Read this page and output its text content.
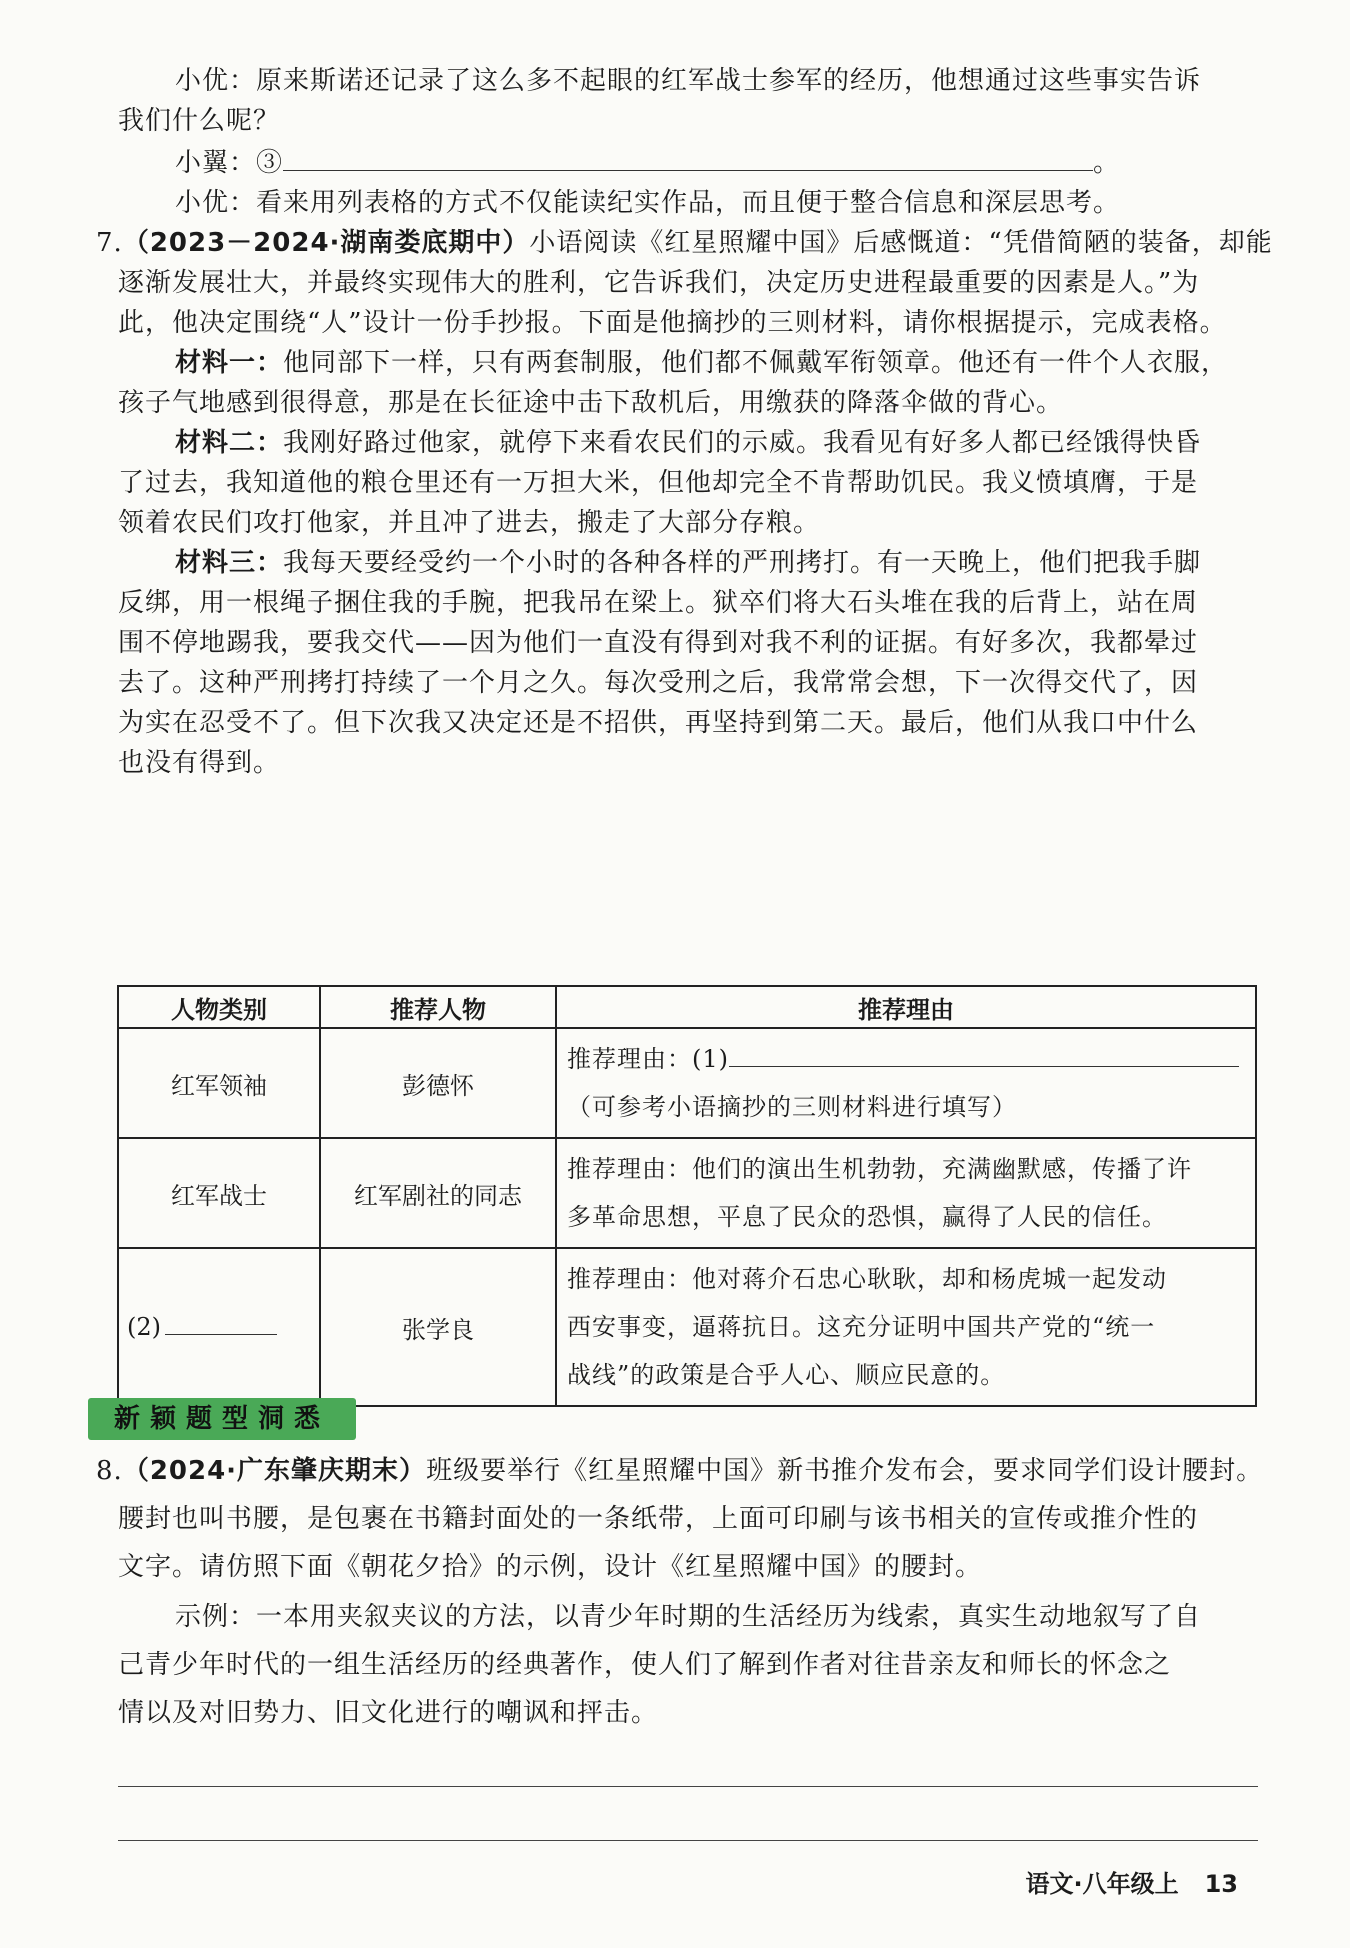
小优：原来斯诺还记录了这么多不起眼的红军战士参军的经历，他想通过这些事实告诉
我们什么呢？
小翼：③	。
小优：看来用列表格的方式不仅能读纪实作品，而且便于整合信息和深层思考。
7.（2023－2024·湖南娄底期中）小语阅读《红星照耀中国》后感慨道：“凭借简陋的装备，却能
逐渐发展壮大，并最终实现伟大的胜利，它告诉我们，决定历史进程最重要的因素是人。”为
此，他决定围绕“人”设计一份手抄报。下面是他摘抄的三则材料，请你根据提示，完成表格。
材料一：他同部下一样，只有两套制服，他们都不佩戴军衔领章。他还有一件个人衣服，
孩子气地感到很得意，那是在长征途中击下敌机后，用缴获的降落伞做的背心。
材料二：我刚好路过他家，就停下来看农民们的示威。我看见有好多人都已经饿得快昏
了过去，我知道他的粮仓里还有一万担大米，但他却完全不肯帮助饥民。我义愤填膺，于是
领着农民们攻打他家，并且冲了进去，搬走了大部分存粮。
材料三：我每天要经受约一个小时的各种各样的严刑拷打。有一天晚上，他们把我手脚
反绑，用一根绳子捆住我的手腕，把我吊在梁上。狱卒们将大石头堆在我的后背上，站在周
围不停地踢我，要我交代——因为他们一直没有得到对我不利的证据。有好多次，我都晕过
去了。这种严刑拷打持续了一个月之久。每次受刑之后，我常常会想，下一次得交代了，因
为实在忍受不了。但下次我又决定还是不招供，再坚持到第二天。最后，他们从我口中什么
也没有得到。
人物类别	推荐人物	推荐理由
红军领袖	彭德怀	推荐理由：(1)
（可参考小语摘抄的三则材料进行填写）

红军战士	红军剧社的同志	推荐理由：他们的演出生机勃勃，充满幽默感，传播了许
多革命思想，平息了民众的恐惧，赢得了人民的信任。

(2)	张学良	推荐理由：他对蒋介石忠心耿耿，却和杨虎城一起发动
西安事变，逼蒋抗日。这充分证明中国共产党的“统一
战线”的政策是合乎人心、顺应民意的。
新颖题型洞悉
8.（2024·广东肇庆期末）班级要举行《红星照耀中国》新书推介发布会，要求同学们设计腰封。
腰封也叫书腰，是包裹在书籍封面处的一条纸带，上面可印刷与该书相关的宣传或推介性的
文字。请仿照下面《朝花夕拾》的示例，设计《红星照耀中国》的腰封。
示例：一本用夹叙夹议的方法，以青少年时期的生活经历为线索，真实生动地叙写了自
己青少年时代的一组生活经历的经典著作，使人们了解到作者对往昔亲友和师长的怀念之
情以及对旧势力、旧文化进行的嘲讽和抨击。
语文·八年级上 13
